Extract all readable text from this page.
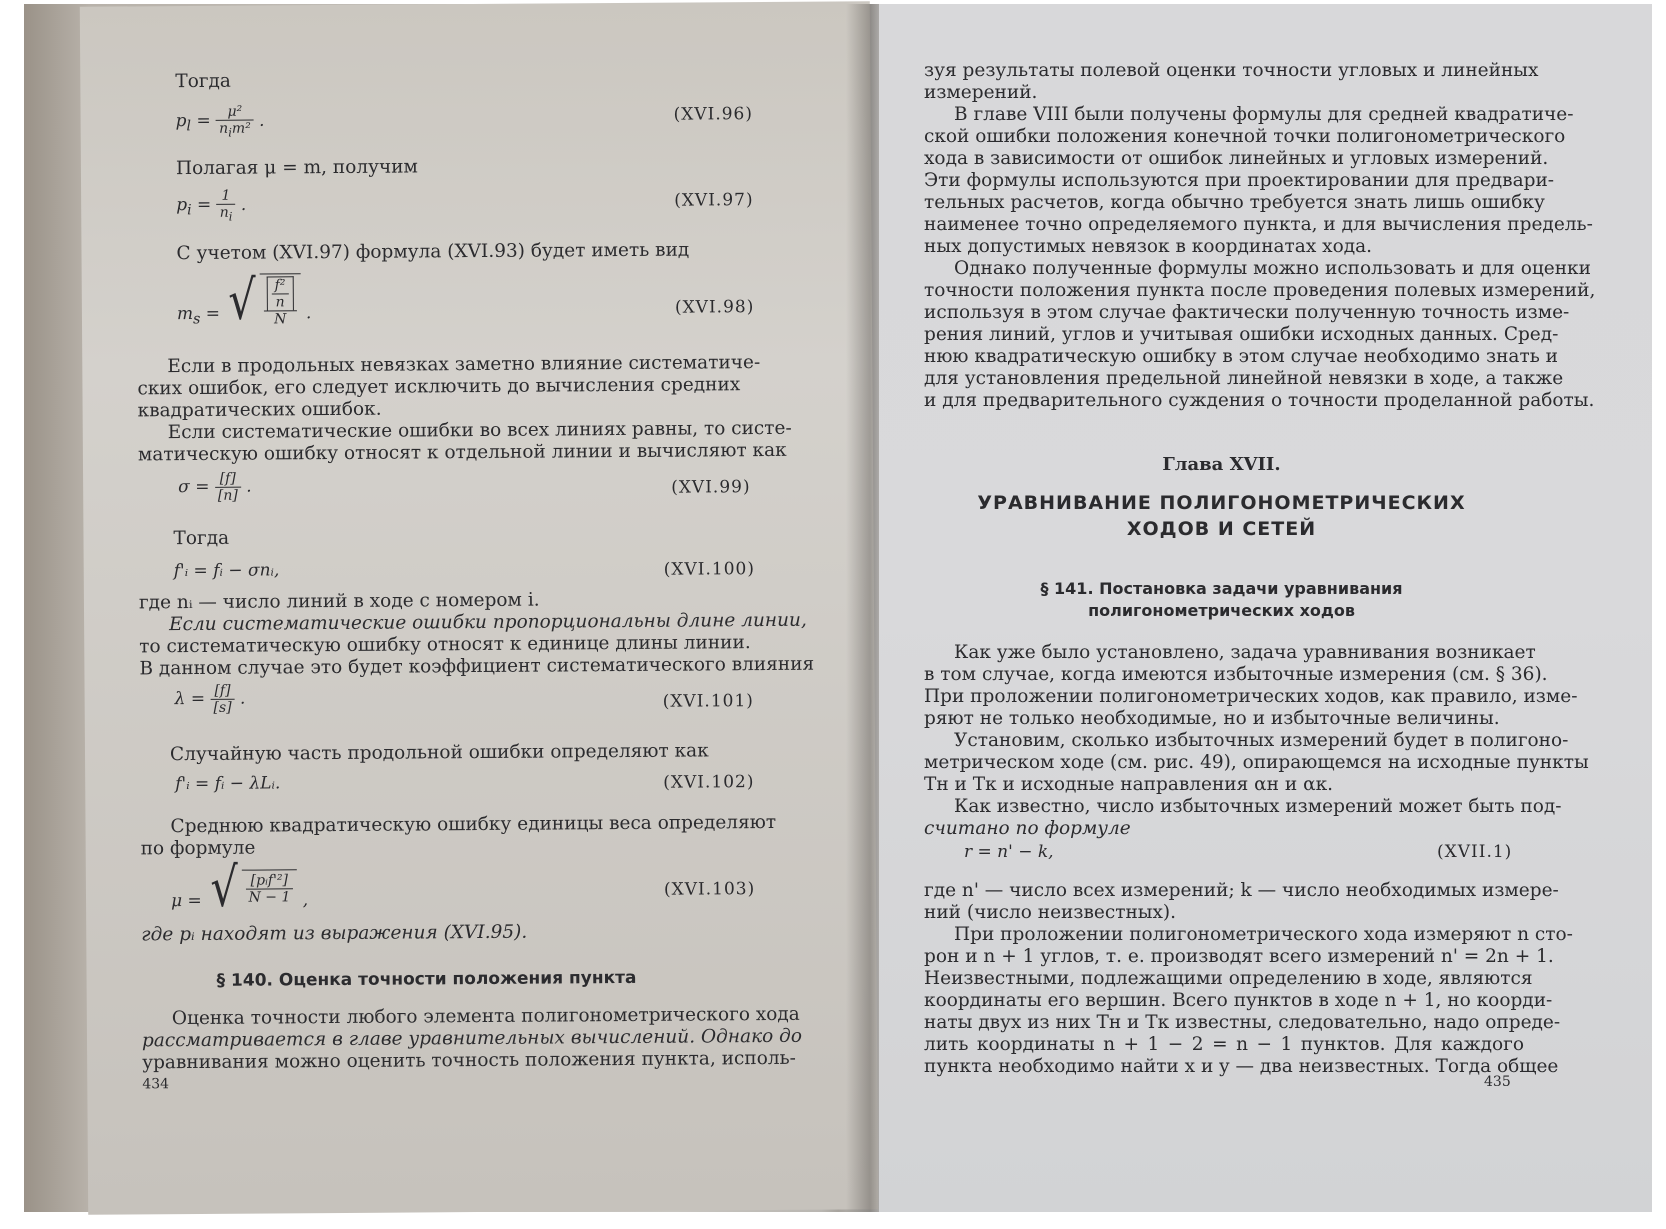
Тогда
$p_l = \frac{\text{μ²}}{n_im^2}$ .	(XVI.96)
Полагая μ = m, получим
$p_i = \frac{1}{n_i}$ .	(XVI.97)
С учетом (XVI.97) формула (XVI.93) будет иметь вид
$m_s$ = √ $\frac{\frac{\text{f²}}{n}}{N}$ .	(XVI.98)
Если в продольных невязках заметно влияние систематиче-
ских ошибок, его следует исключить до вычисления средних
квадратических ошибок.
Если систематические ошибки во всех линиях равны, то систе-
матическую ошибку относят к отдельной линии и вычисляют как
$\sigma = \frac{[f]}{[n]}$ .	(XVI.99)
Тогда
f'ᵢ = fᵢ − σnᵢ,	(XVI.100)
где nᵢ — число линий в ходе с номером i.
Если систематические ошибки пропорциональны длине линии,
то систематическую ошибку относят к единице длины линии.
В данном случае это будет коэффициент систематического влияния
$\lambda = \frac{[f]}{[s]}$ .	(XVI.101)
Случайную часть продольной ошибки определяют как
f'ᵢ = fᵢ − λLᵢ.	(XVI.102)
Среднюю квадратическую ошибку единицы веса определяют
по формуле
μ = √ $\frac{\text{[pᵢf'²]}}{N - 1}$ ,
(XVI.103)
где pᵢ находят из выражения (XVI.95).
§ 140. Оценка точности положения пункта
Оценка точности любого элемента полигонометрического хода
рассматривается в главе уравнительных вычислений. Однако до
уравнивания можно оценить точность положения пункта, исполь-
434
зуя результаты полевой оценки точности угловых и линейных
измерений.
В главе VIII были получены формулы для средней квадратиче-
ской ошибки положения конечной точки полигонометрического
хода в зависимости от ошибок линейных и угловых измерений.
Эти формулы используются при проектировании для предвари-
тельных расчетов, когда обычно требуется знать лишь ошибку
наименее точно определяемого пункта, и для вычисления предель-
ных допустимых невязок в координатах хода.
Однако полученные формулы можно использовать и для оценки
точности положения пункта после проведения полевых измерений,
используя в этом случае фактически полученную точность изме-
рения линий, углов и учитывая ошибки исходных данных. Сред-
нюю квадратическую ошибку в этом случае необходимо знать и
для установления предельной линейной невязки в ходе, а также
и для предварительного суждения о точности проделанной работы.
Глава XVII.
УРАВНИВАНИЕ ПОЛИГОНОМЕТРИЧЕСКИХ
ХОДОВ И СЕТЕЙ
§ 141. Постановка задачи уравнивания
полигонометрических ходов
Как уже было установлено, задача уравнивания возникает
в том случае, когда имеются избыточные измерения (см. § 36).
При проложении полигонометрических ходов, как правило, изме-
ряют не только необходимые, но и избыточные величины.
Установим, сколько избыточных измерений будет в полигоно-
метрическом ходе (см. рис. 49), опирающемся на исходные пункты
Tн и Tк и исходные направления αн и αк.
Как известно, число избыточных измерений может быть под-
считано по формуле
r = n' − k,	(XVII.1)
где n' — число всех измерений; k — число необходимых измере-
ний (число неизвестных).
При проложении полигонометрического хода измеряют n сто-
рон и n + 1 углов, т. е. производят всего измерений n' = 2n + 1.
Неизвестными, подлежащими определению в ходе, являются
координаты его вершин. Всего пунктов в ходе n + 1, но коорди-
наты двух из них Tн и Tк известны, следовательно, надо опреде-
лить координаты n + 1 − 2 = n − 1 пунктов. Для каждого
пункта необходимо найти x и y — два неизвестных. Тогда общее
435
